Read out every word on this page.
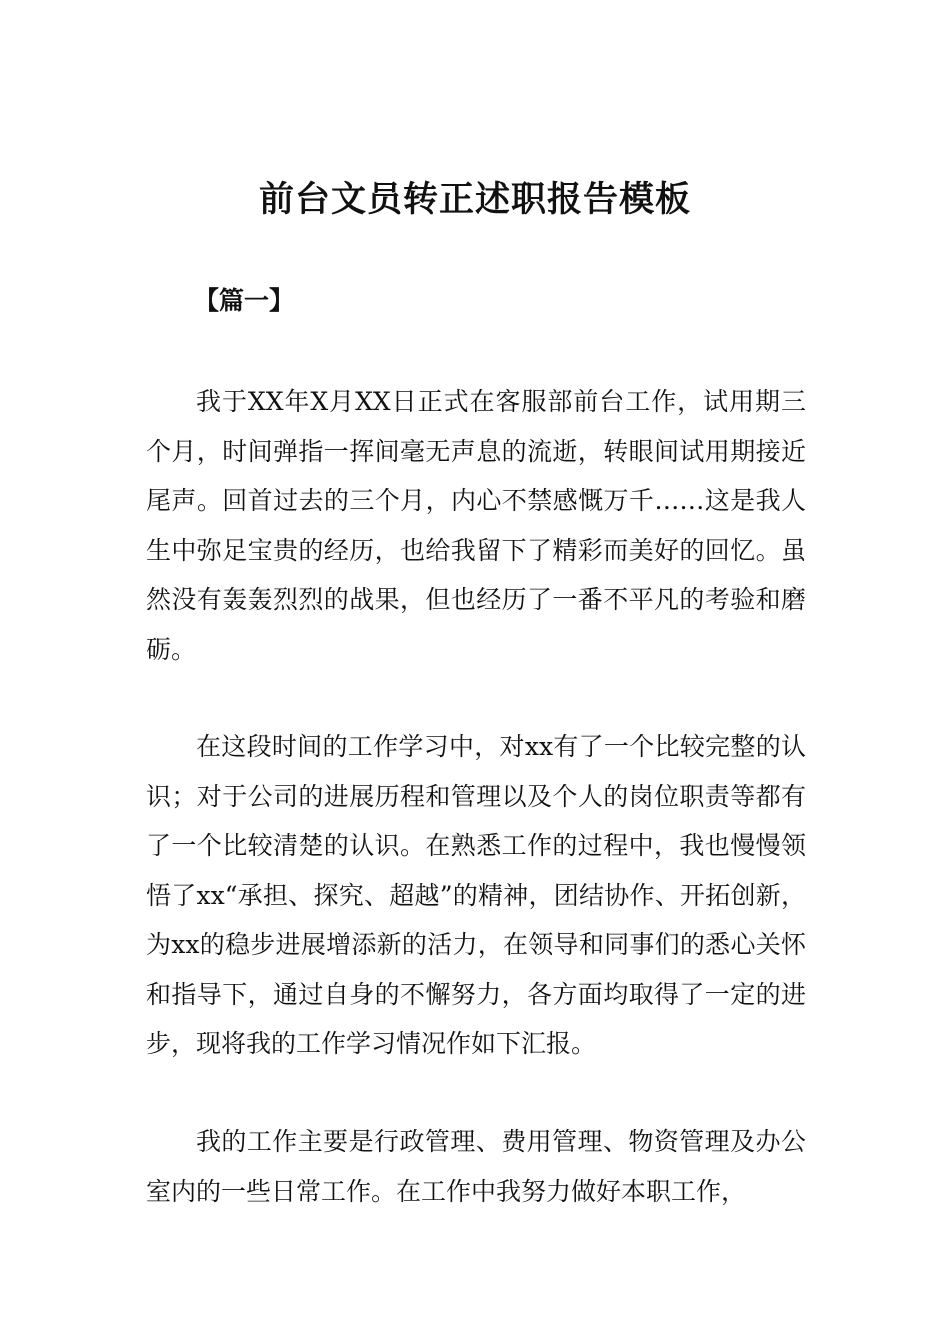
前台文员转正述职报告模板

【篇一】

我于XX年X月XX日正式在客服部前台工作，试用期三个月，时间弹指一挥间毫无声息的流逝，转眼间试用期接近尾声。回首过去的三个月，内心不禁感慨万千……这是我人生中弥足宝贵的经历，也给我留下了精彩而美好的回忆。虽然没有轰轰烈烈的战果，但也经历了一番不平凡的考验和磨砺。

在这段时间的工作学习中，对xx有了一个比较完整的认识；对于公司的进展历程和管理以及个人的岗位职责等都有了一个比较清楚的认识。在熟悉工作的过程中，我也慢慢领悟了xx“承担、探究、超越”的精神，团结协作、开拓创新，为xx的稳步进展增添新的活力，在领导和同事们的悉心关怀和指导下，通过自身的不懈努力，各方面均取得了一定的进步，现将我的工作学习情况作如下汇报。

我的工作主要是行政管理、费用管理、物资管理及办公室内的一些日常工作。在工作中我努力做好本职工作，
